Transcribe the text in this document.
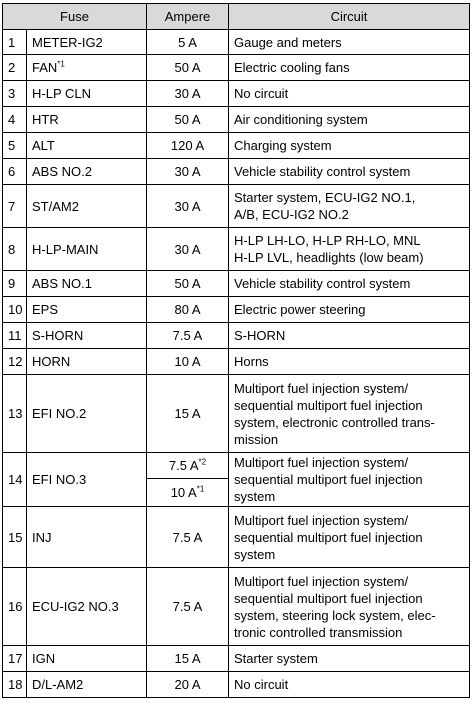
Fuse		Ampere	Circuit
1	METER-IG2	5 A	Gauge and meters
2	FAN$^{*1}$	50 A	Electric cooling fans
3	H-LP CLN	30 A	No circuit
4	HTR	50 A	Air conditioning system
5	ALT	120 A	Charging system
6	ABS NO.2	30 A	Vehicle stability control system
7	ST/AM2	30 A	Starter system, ECU-IG2 NO.1,
A/B, ECU-IG2 NO.2
8	H-LP-MAIN	30 A	H-LP LH-LO, H-LP RH-LO, MNL
H-LP LVL, headlights (low beam)
9	ABS NO.1	50 A	Vehicle stability control system
10	EPS	80 A	Electric power steering
11	S-HORN	7.5 A	S-HORN
12	HORN	10 A	Horns
13	EFI NO.2	15 A	Multiport fuel injection system/
sequential multiport fuel injection
system, electronic controlled trans-
mission
14	EFI NO.3	7.5 $A^{*2}$	Multiport fuel injection system/
sequential multiport fuel injection
system
		10 $A^{*1}$
15	INJ	7.5 A	Multiport fuel injection system/
sequential multiport fuel injection
system
16	ECU-IG2 NO.3	7.5 A	Multiport fuel injection system/
sequential multiport fuel injection
system, steering lock system, elec-
tronic controlled transmission
17	IGN	15 A	Starter system
18	D/L-AM2	20 A	No circuit
